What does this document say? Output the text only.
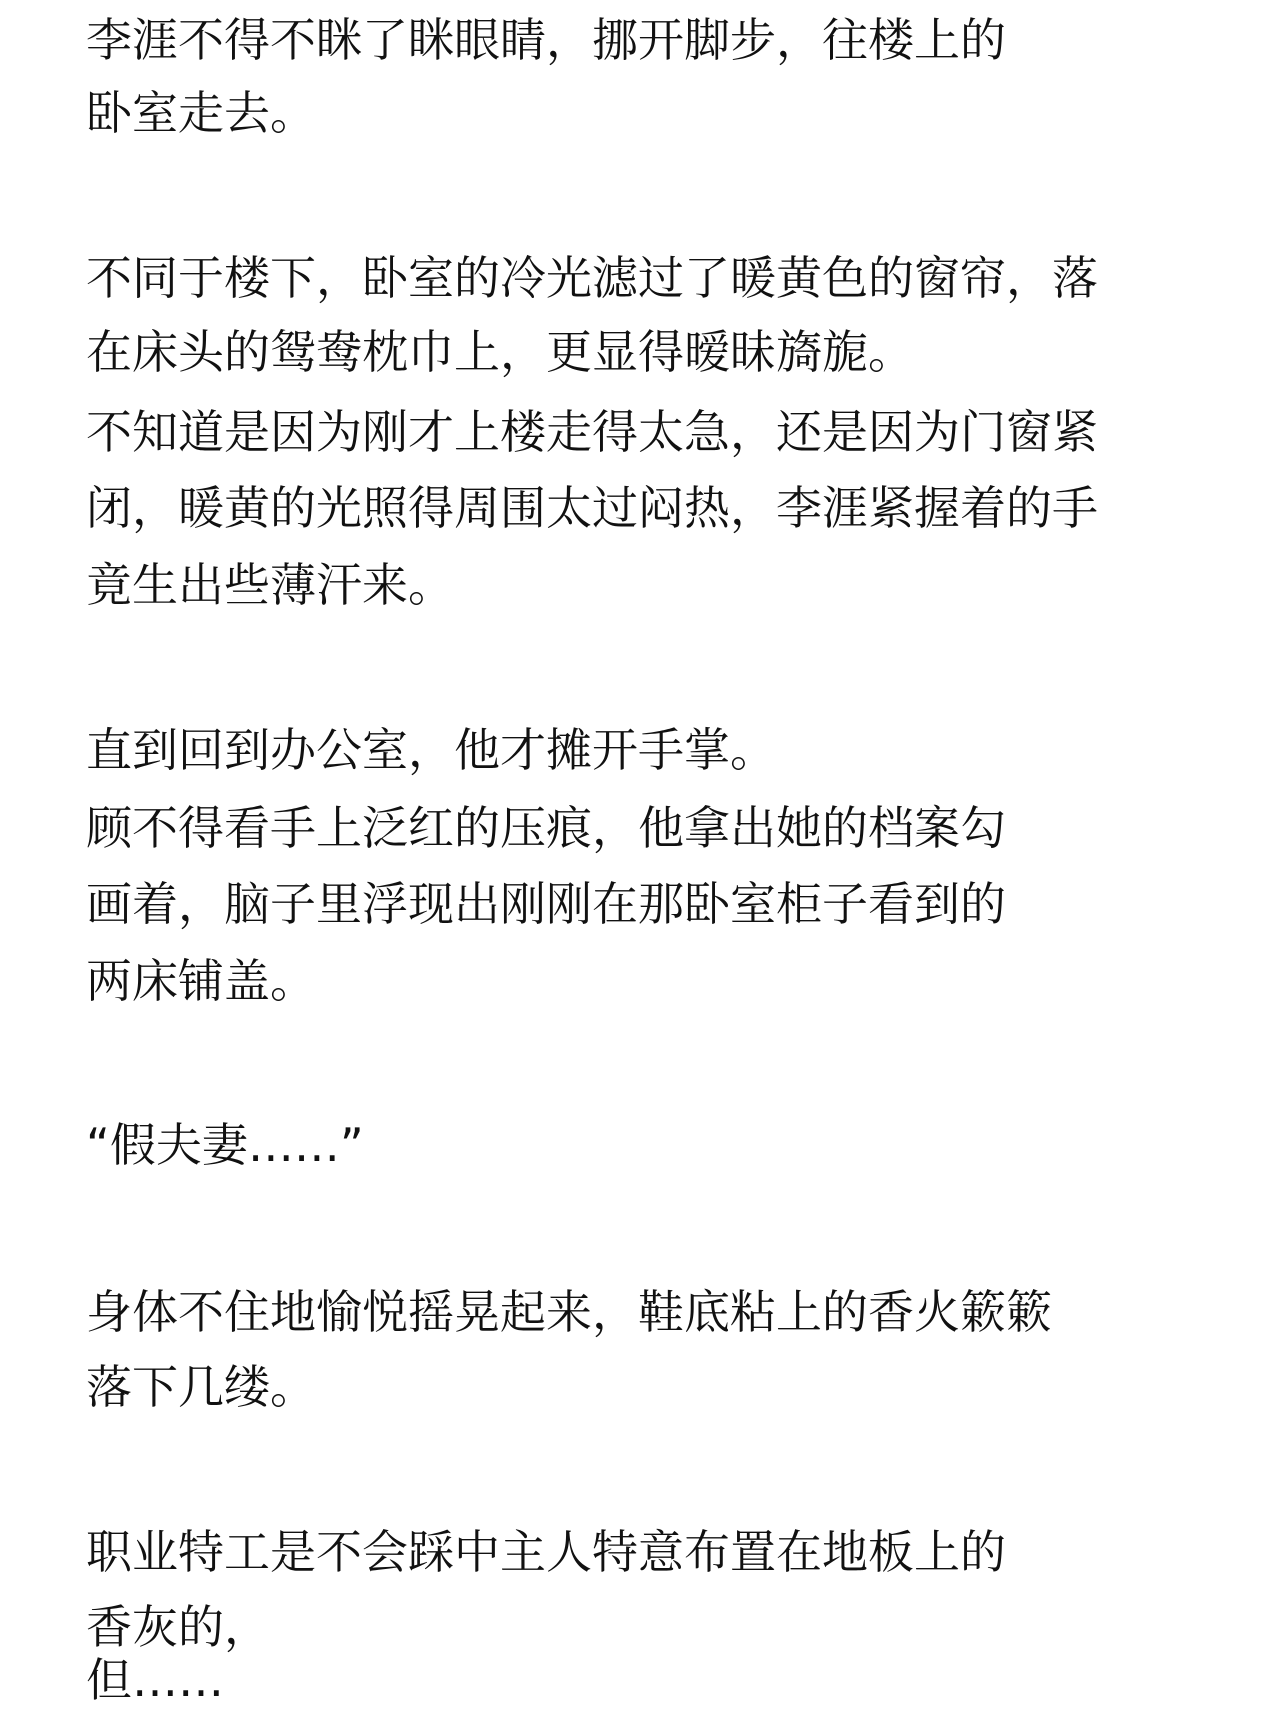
李涯不得不眯了眯眼睛，挪开脚步，往楼上的
卧室走去。
不同于楼下，卧室的冷光滤过了暖黄色的窗帘，落
在床头的鸳鸯枕巾上，更显得暧昧旖旎。
不知道是因为刚才上楼走得太急，还是因为门窗紧
闭，暖黄的光照得周围太过闷热，李涯紧握着的手
竟生出些薄汗来。
直到回到办公室，他才摊开手掌。
顾不得看手上泛红的压痕，他拿出她的档案勾
画着，脑子里浮现出刚刚在那卧室柜子看到的
两床铺盖。
“假夫妻……”
身体不住地愉悦摇晃起来，鞋底粘上的香火簌簌
落下几缕。
职业特工是不会踩中主人特意布置在地板上的
香灰的，
但……
